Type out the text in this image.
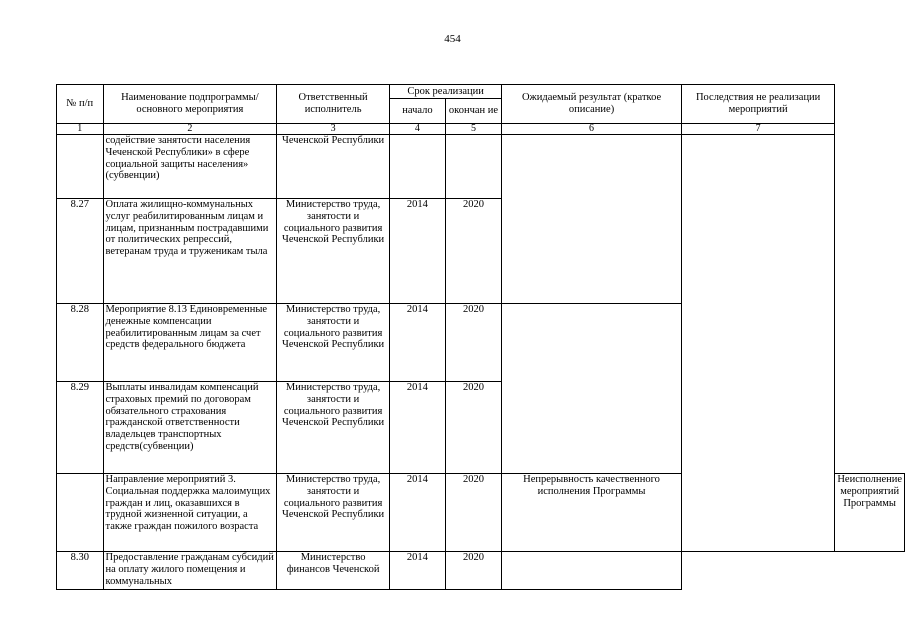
454
№ п/п	Наименование подпрограммы/ основного мероприятия	Ответственный исполнитель	Срок реализации		Ожидаемый результат (краткое описание)	Последствия не реализации мероприятий	
			начало	окончан ие			
1	2	3	4	5	6	7	
	содействие занятости населения Чеченской Республики» в сфере социальной защиты населения» (субвенции)	Чеченской Республики					
8.27	Оплата жилищно-коммунальных услуг реабилитированным лицам и лицам, признанным пострадавшими от политических репрессий, ветеранам труда и труженикам тыла	Министерство труда, занятости и социального развития Чеченской Республики	2014	2020			
8.28	Мероприятие 8.13 Единовременные денежные компенсации реабилитированным лицам за счет средств федерального бюджета	Министерство труда, занятости и социального развития Чеченской Республики	2014	2020			
8.29	Выплаты инвалидам компенсаций страховых премий по договорам обязательного страхования гражданской ответственности владельцев транспортных средств(субвенции)	Министерство труда, занятости и социального развития Чеченской Республики	2014	2020			
	Направление мероприятий 3. Социальная поддержка малоимущих граждан и лиц, оказавшихся в трудной жизненной ситуации, а также граждан пожилого возраста	Министерство труда, занятости и социального развития Чеченской Республики	2014	2020	Непрерывность качественного исполнения Программы		Неисполнение мероприятий Программы
8.30	Предоставление гражданам субсидий на оплату жилого помещения и коммунальных	Министерство финансов Чеченской	2014	2020			
